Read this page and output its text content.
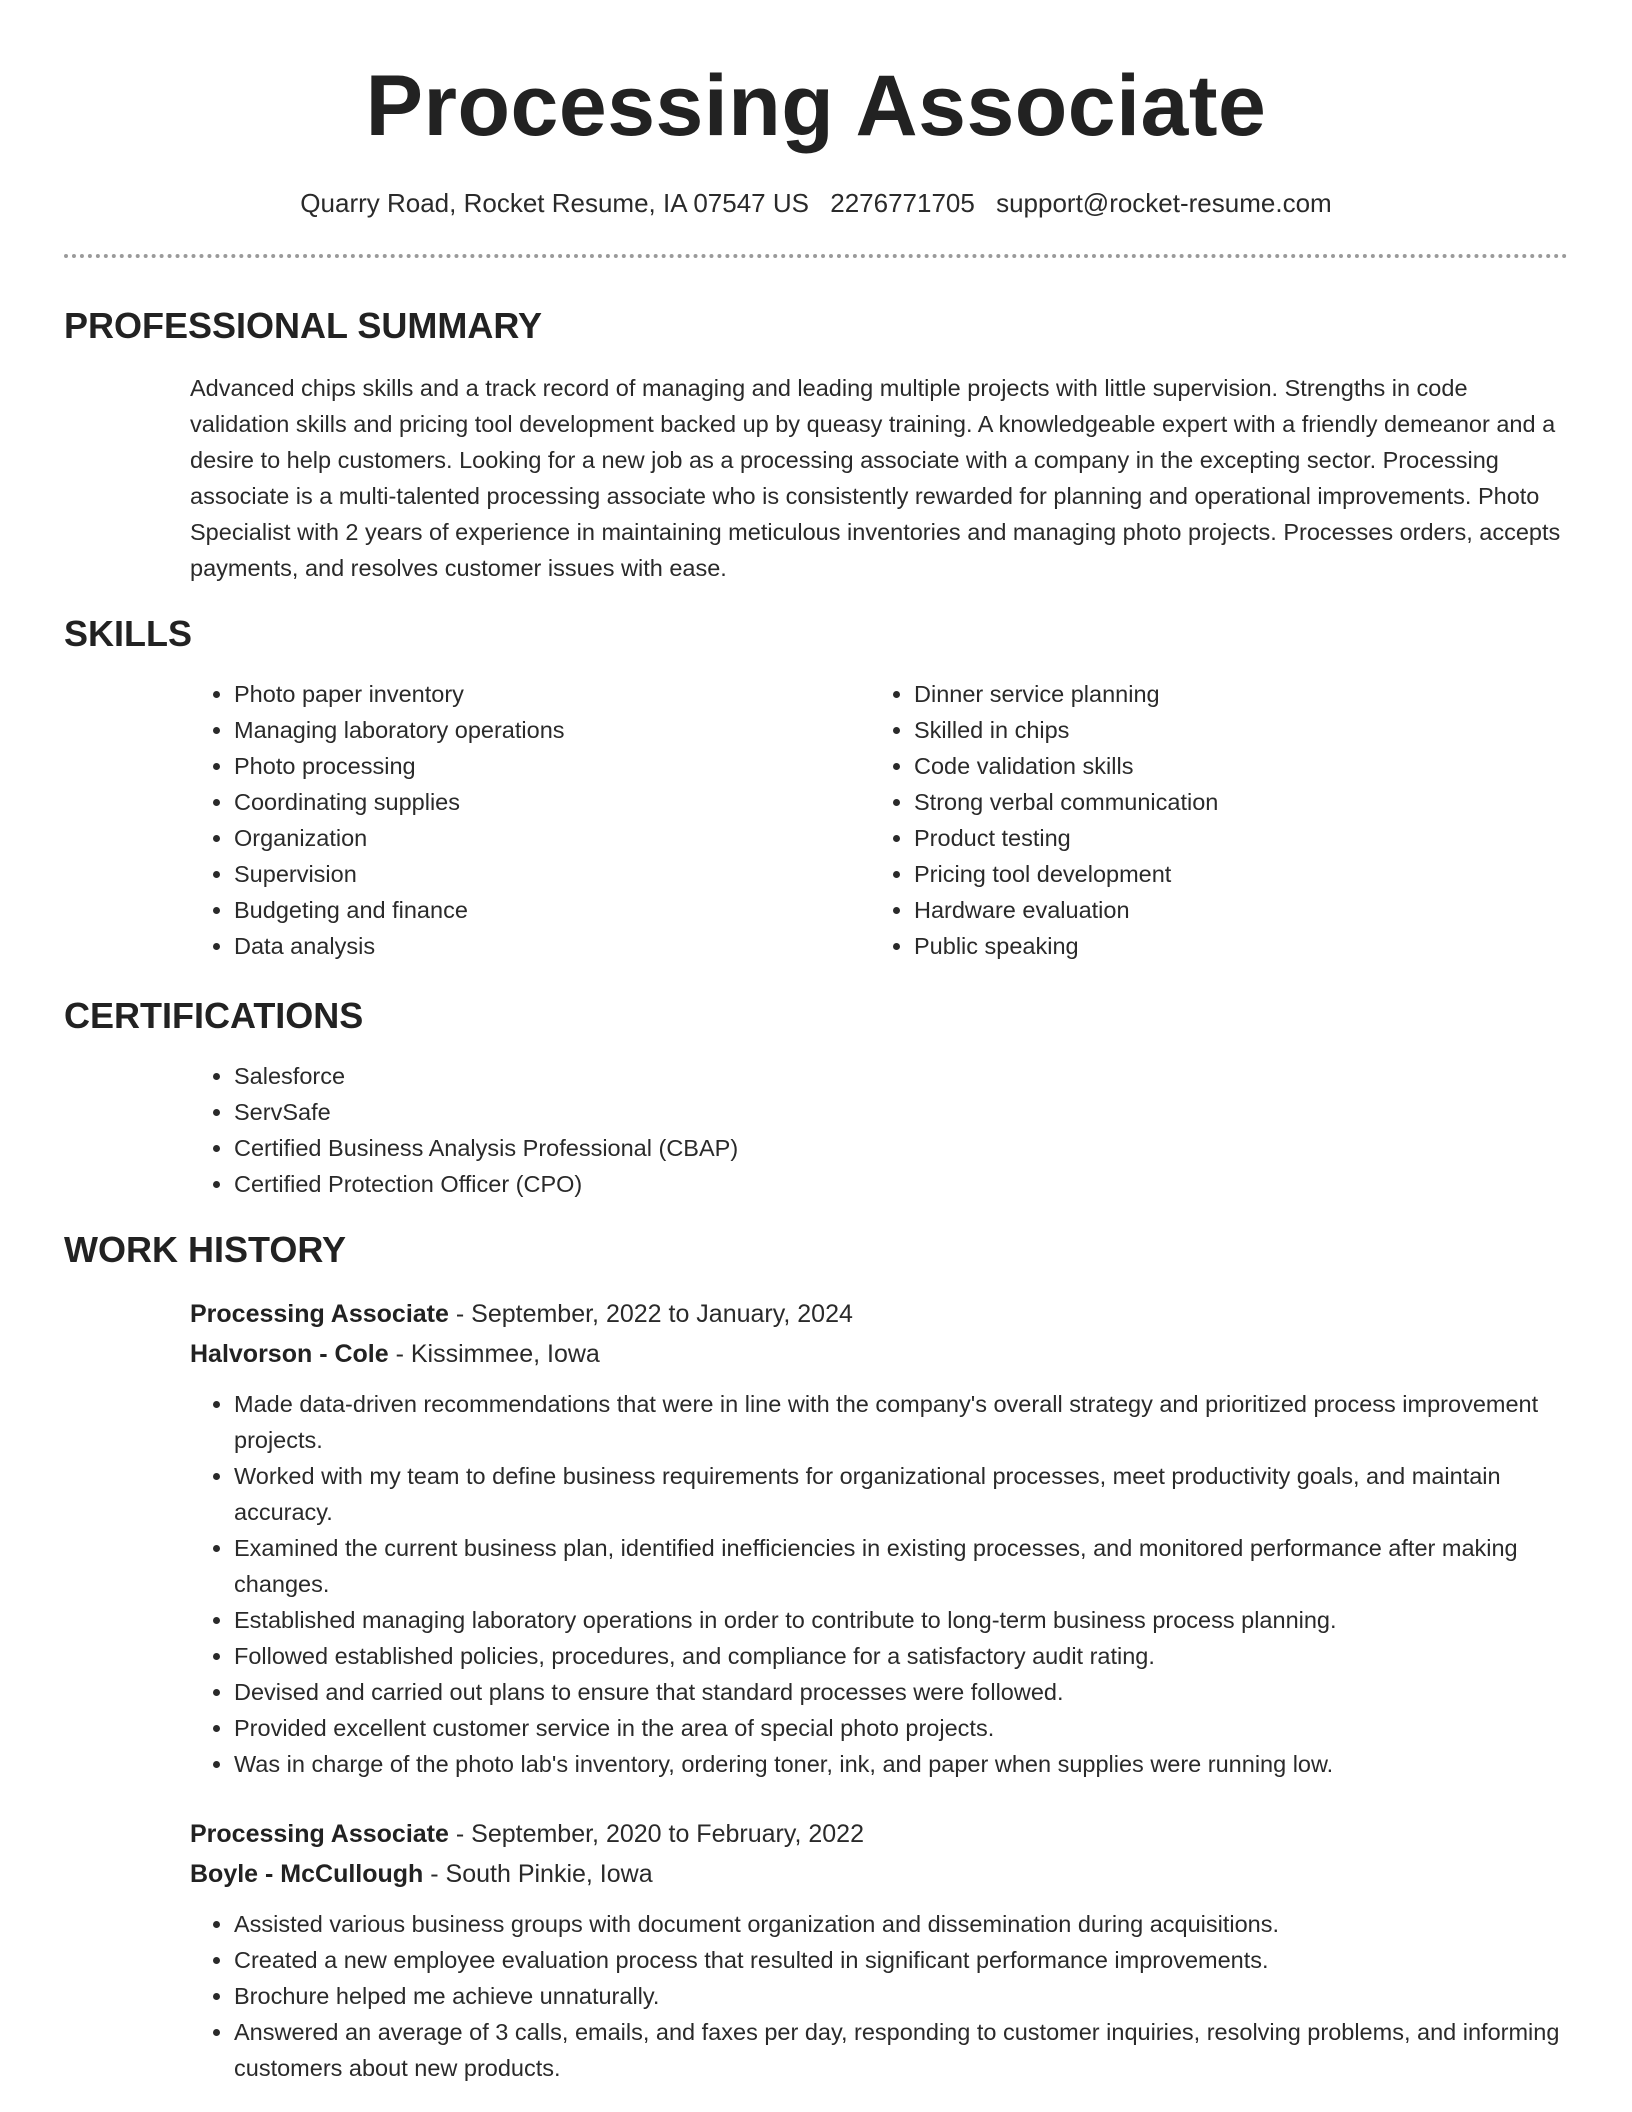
Processing Associate
Quarry Road, Rocket Resume, IA 07547 US 2276771705 support@rocket-resume.com
PROFESSIONAL SUMMARY

Advanced chips skills and a track record of managing and leading multiple projects with little supervision. Strengths in code validation skills and pricing tool development backed up by queasy training. A knowledgeable expert with a friendly demeanor and a desire to help customers. Looking for a new job as a processing associate with a company in the excepting sector. Processing associate is a multi-talented processing associate who is consistently rewarded for planning and operational improvements. Photo Specialist with 2 years of experience in maintaining meticulous inventories and managing photo projects. Processes orders, accepts payments, and resolves customer issues with ease.

SKILLS
• Photo paper inventory
• Managing laboratory operations
• Photo processing
• Coordinating supplies
• Organization
• Supervision
• Budgeting and finance
• Data analysis
• Dinner service planning
• Skilled in chips
• Code validation skills
• Strong verbal communication
• Product testing
• Pricing tool development
• Hardware evaluation
• Public speaking
CERTIFICATIONS
• Salesforce
• ServSafe
• Certified Business Analysis Professional (CBAP)
• Certified Protection Officer (CPO)
WORK HISTORY
Processing Associate - September, 2022 to January, 2024
Halvorson - Cole - Kissimmee, Iowa
• Made data-driven recommendations that were in line with the company's overall strategy and prioritized process improvement projects.
• Worked with my team to define business requirements for organizational processes, meet productivity goals, and maintain accuracy.
• Examined the current business plan, identified inefficiencies in existing processes, and monitored performance after making changes.
• Established managing laboratory operations in order to contribute to long-term business process planning.
• Followed established policies, procedures, and compliance for a satisfactory audit rating.
• Devised and carried out plans to ensure that standard processes were followed.
• Provided excellent customer service in the area of special photo projects.
• Was in charge of the photo lab's inventory, ordering toner, ink, and paper when supplies were running low.
Processing Associate - September, 2020 to February, 2022
Boyle - McCullough - South Pinkie, Iowa
• Assisted various business groups with document organization and dissemination during acquisitions.
• Created a new employee evaluation process that resulted in significant performance improvements.
• Brochure helped me achieve unnaturally.
• Answered an average of 3 calls, emails, and faxes per day, responding to customer inquiries, resolving problems, and informing customers about new products.
